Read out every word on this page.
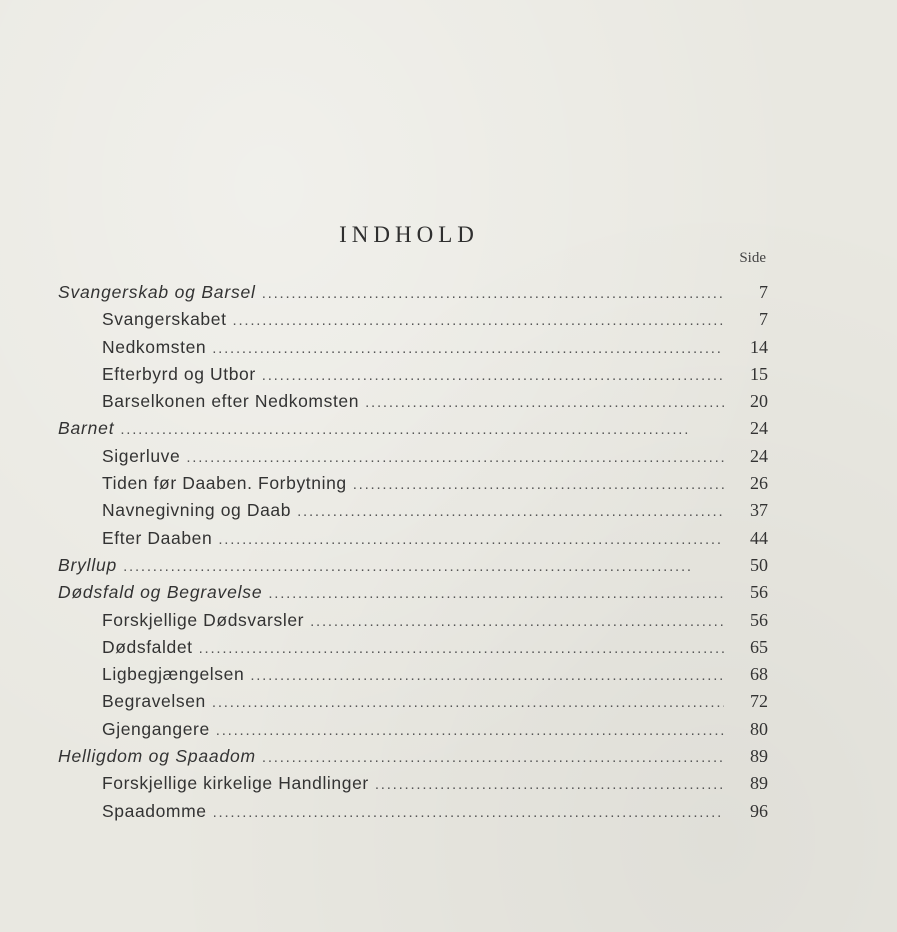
INDHOLD
Side
Svangerskab og Barsel . . .	7
Svangerskabet . . .	7
Nedkomsten . . .	14
Efterbyrd og Utbor . . .	15
Barselkonen efter Nedkomsten . . .	20
Barnet . . .	24
Sigerluve . . .	24
Tiden før Daaben. Forbytning . . .	26
Navnegivning og Daab . . .	37
Efter Daaben . . .	44
Bryllup . . .	50
Dødsfald og Begravelse . . .	56
Forskjellige Dødsvarsler . . .	56
Dødsfaldet . . .	65
Ligbegjængelsen . . .	68
Begravelsen . . .	72
Gjengangere . . .	80
Helligdom og Spaadom . . .	89
Forskjellige kirkelige Handlinger . . .	89
Spaadomme . . .	96
